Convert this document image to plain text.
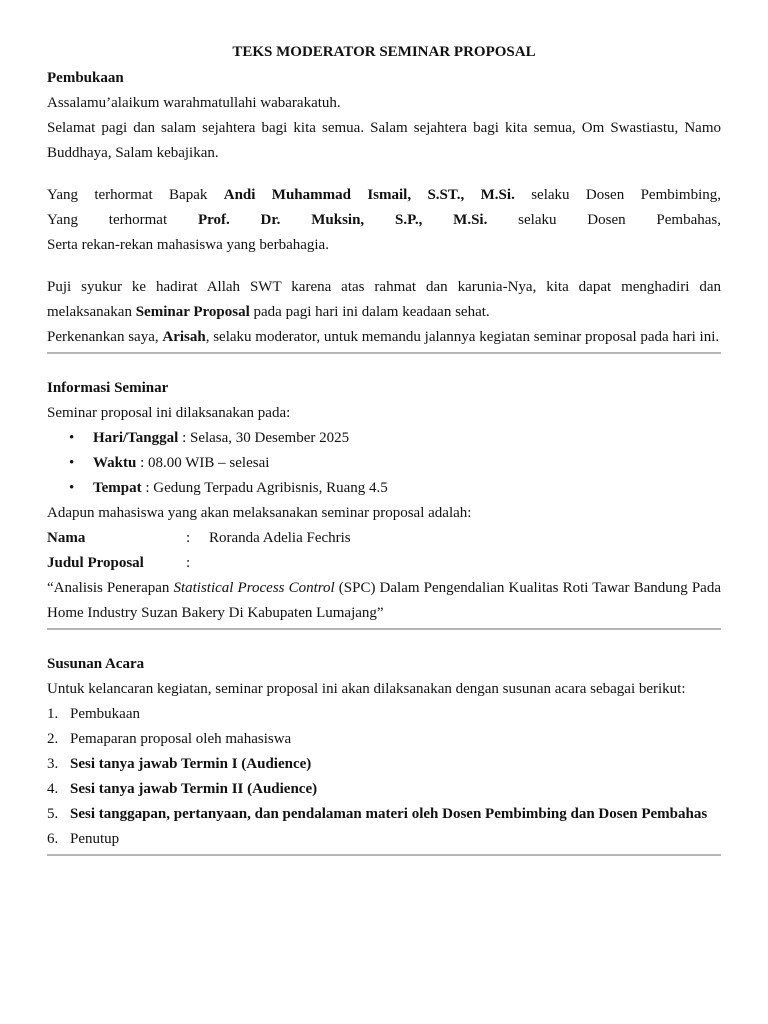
TEKS MODERATOR SEMINAR PROPOSAL

Pembukaan

Assalamu’alaikum warahmatullahi wabarakatuh.

Selamat pagi dan salam sejahtera bagi kita semua. Salam sejahtera bagi kita semua, Om Swastiastu, Namo Buddhaya, Salam kebajikan.

Yang terhormat Bapak Andi Muhammad Ismail, S.ST., M.Si. selaku Dosen Pembimbing,

Yang terhormat Prof. Dr. Muksin, S.P., M.Si. selaku Dosen Pembahas,

Serta rekan-rekan mahasiswa yang berbahagia.

Puji syukur ke hadirat Allah SWT karena atas rahmat dan karunia-Nya, kita dapat menghadiri dan melaksanakan Seminar Proposal pada pagi hari ini dalam keadaan sehat.

Perkenankan saya, Arisah, selaku moderator, untuk memandu jalannya kegiatan seminar proposal pada hari ini.

Informasi Seminar

Seminar proposal ini dilaksanakan pada:

• Hari/Tanggal : Selasa, 30 Desember 2025
• Waktu : 08.00 WIB – selesai
• Tempat : Gedung Terpadu Agribisnis, Ruang 4.5

Adapun mahasiswa yang akan melaksanakan seminar proposal adalah:

Nama	:	Roranda Adelia Fechris
Judul Proposal	:

“Analisis Penerapan Statistical Process Control (SPC) Dalam Pengendalian Kualitas Roti Tawar Bandung Pada Home Industry Suzan Bakery Di Kabupaten Lumajang”

Susunan Acara

Untuk kelancaran kegiatan, seminar proposal ini akan dilaksanakan dengan susunan acara sebagai berikut:

1. Pembukaan
2. Pemaparan proposal oleh mahasiswa
3. Sesi tanya jawab Termin I (Audience)
4. Sesi tanya jawab Termin II (Audience)
5. Sesi tanggapan, pertanyaan, dan pendalaman materi oleh Dosen Pembimbing dan Dosen Pembahas
6. Penutup
